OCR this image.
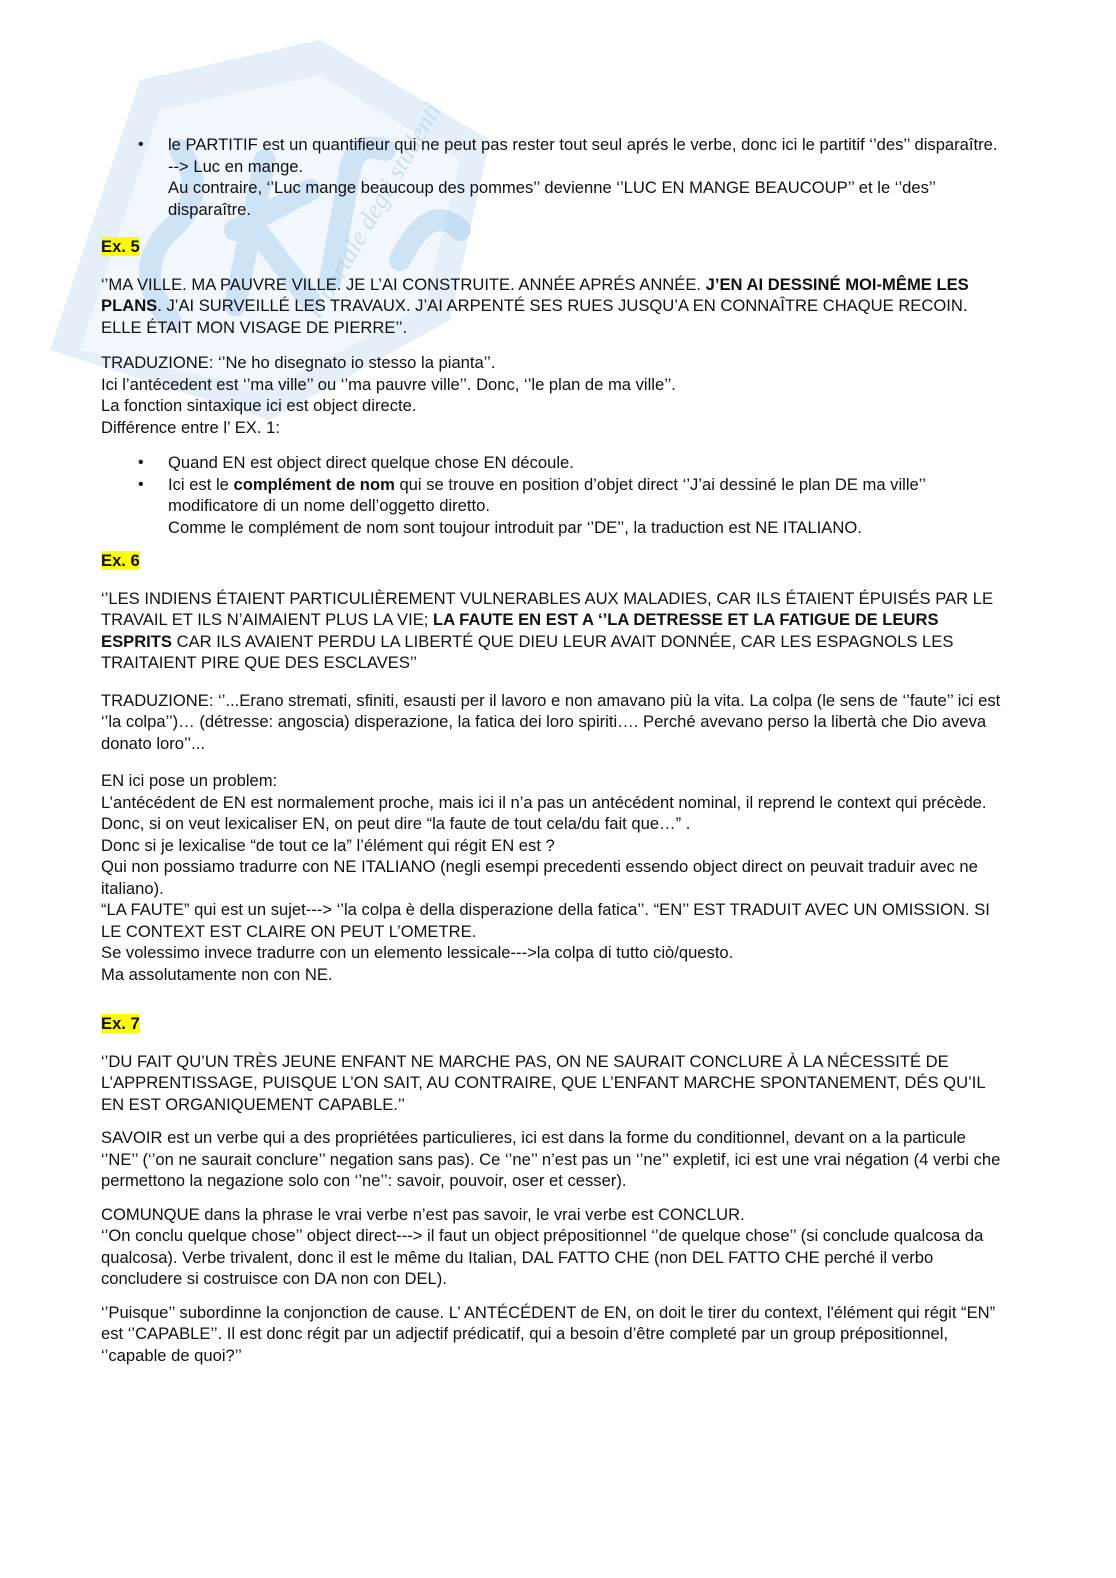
il portale degli studenti
• le PARTITIF est un quantifieur qui ne peut pas rester tout seul aprés le verbe, donc ici le partitif ‘’des’’ disparaître. --> Luc en mange.
Au contraire, ‘’Luc mange beaucoup des pommes’’ devienne ‘’LUC EN MANGE BEAUCOUP’’ et le ‘’des’’ disparaître.

Ex. 5

‘’MA VILLE. MA PAUVRE VILLE. JE L’AI CONSTRUITE. ANNÉE APRÉS ANNÉE. J’EN AI DESSINÉ MOI-MÊME LES PLANS. J’AI SURVEILLÉ LES TRAVAUX. J’AI ARPENTÉ SES RUES JUSQU’A EN CONNAÎTRE CHAQUE RECOIN. ELLE ÉTAIT MON VISAGE DE PIERRE’’.

TRADUZIONE: ‘’Ne ho disegnato io stesso la pianta’’.
Ici l’antécedent est ‘’ma ville’’ ou ‘’ma pauvre ville’’. Donc, ‘’le plan de ma ville’’.
La fonction sintaxique ici est object directe.
Différence entre l’ EX. 1:

• Quand EN est object direct quelque chose EN découle.
• Ici est le complément de nom qui se trouve en position d’objet direct ‘’J’ai dessiné le plan DE ma ville’’ modificatore di un nome dell’oggetto diretto.
Comme le complément de nom sont toujour introduit par ‘’DE’’, la traduction est NE ITALIANO.

Ex. 6

‘’LES INDIENS ÉTAIENT PARTICULIÈREMENT VULNERABLES AUX MALADIES, CAR ILS ÉTAIENT ÉPUISÉS PAR LE TRAVAIL ET ILS N’AIMAIENT PLUS LA VIE; LA FAUTE EN EST A ‘’LA DETRESSE ET LA FATIGUE DE LEURS ESPRITS CAR ILS AVAIENT PERDU LA LIBERTÉ QUE DIEU LEUR AVAIT DONNÉE, CAR LES ESPAGNOLS LES TRAITAIENT PIRE QUE DES ESCLAVES’’

TRADUZIONE: ‘’...Erano stremati, sfiniti, esausti per il lavoro e non amavano più la vita. La colpa (le sens de ‘’faute’’ ici est ‘’la colpa’’)… (détresse: angoscia) disperazione, la fatica dei loro spiriti…. Perché avevano perso la libertà che Dio aveva donato loro’’...

EN ici pose un problem:
L’antécédent de EN est normalement proche, mais ici il n’a pas un antécédent nominal, il reprend le context qui précède.
Donc, si on veut lexicaliser EN, on peut dire “la faute de tout cela/du fait que…” .
Donc si je lexicalise “de tout ce la” l’élément qui régit EN est ?
Qui non possiamo tradurre con NE ITALIANO (negli esempi precedenti essendo object direct on peuvait traduir avec ne italiano).
“LA FAUTE” qui est un sujet---> ‘’la colpa è della disperazione della fatica’’. “EN’’ EST TRADUIT AVEC UN OMISSION. SI LE CONTEXT EST CLAIRE ON PEUT L’OMETRE.
Se volessimo invece tradurre con un elemento lessicale--->la colpa di tutto ciò/questo.
Ma assolutamente non con NE.

Ex. 7

‘’DU FAIT QU’UN TRÈS JEUNE ENFANT NE MARCHE PAS, ON NE SAURAIT CONCLURE À LA NÉCESSITÉ DE L’APPRENTISSAGE, PUISQUE L’ON SAIT, AU CONTRAIRE, QUE L’ENFANT MARCHE SPONTANEMENT, DÉS QU’IL EN EST ORGANIQUEMENT CAPABLE.’’

SAVOIR est un verbe qui a des propriétées particulieres, ici est dans la forme du conditionnel, devant on a la particule ‘’NE’’ (‘’on ne saurait conclure’’ negation sans pas). Ce ‘’ne’’ n’est pas un ‘’ne’’ expletif, ici est une vrai négation (4 verbi che permettono la negazione solo con ‘’ne’’: savoir, pouvoir, oser et cesser).

COMUNQUE dans la phrase le vrai verbe n’est pas savoir, le vrai verbe est CONCLUR.
‘’On conclu quelque chose’’ object direct---> il faut un object prépositionnel ‘’de quelque chose’’ (si conclude qualcosa da qualcosa). Verbe trivalent, donc il est le même du Italian, DAL FATTO CHE (non DEL FATTO CHE perché il verbo concludere si costruisce con DA non con DEL).

‘’Puisque’’ subordinne la conjonction de cause. L’ ANTÉCÉDENT de EN, on doit le tirer du context, l'élément qui régit “EN” est ‘’CAPABLE’’. Il est donc régit par un adjectif prédicatif, qui a besoin d’être completé par un group prépositionnel, ‘’capable de quoi?’’
